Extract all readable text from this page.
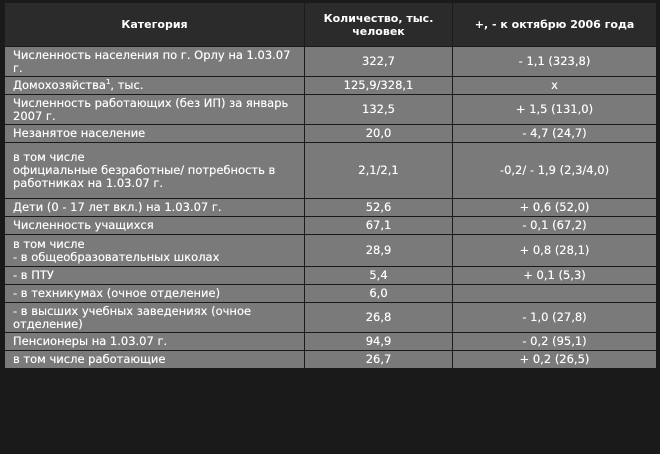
Категория	Количество, тыс. человек	+, - к октябрю 2006 года
Численность населения по г. Орлу на 1.03.07 г.	322,7	- 1,1 (323,8)
Домохозяйства$^1$, тыс.	125,9/328,1	х
Численность работающих (без ИП) за январь 2007 г.	132,5	+ 1,5 (131,0)
Незанятое население	20,0	- 4,7 (24,7)
в том числе
официальные безработные/ потребность в работниках на 1.03.07 г.	2,1/2,1	-0,2/ - 1,9 (2,3/4,0)
Дети (0 - 17 лет вкл.) на 1.03.07 г.	52,6	+ 0,6 (52,0)
Численность учащихся	67,1	- 0,1 (67,2)
в том числе
- в общеобразовательных школах	28,9	+ 0,8 (28,1)
- в ПТУ	5,4	+ 0,1 (5,3)
- в техникумах (очное отделение)	6,0	
- в высших учебных заведениях (очное отделение)	26,8	- 1,0 (27,8)
Пенсионеры на 1.03.07 г.	94,9	- 0,2 (95,1)
в том числе работающие	26,7	+ 0,2 (26,5)
